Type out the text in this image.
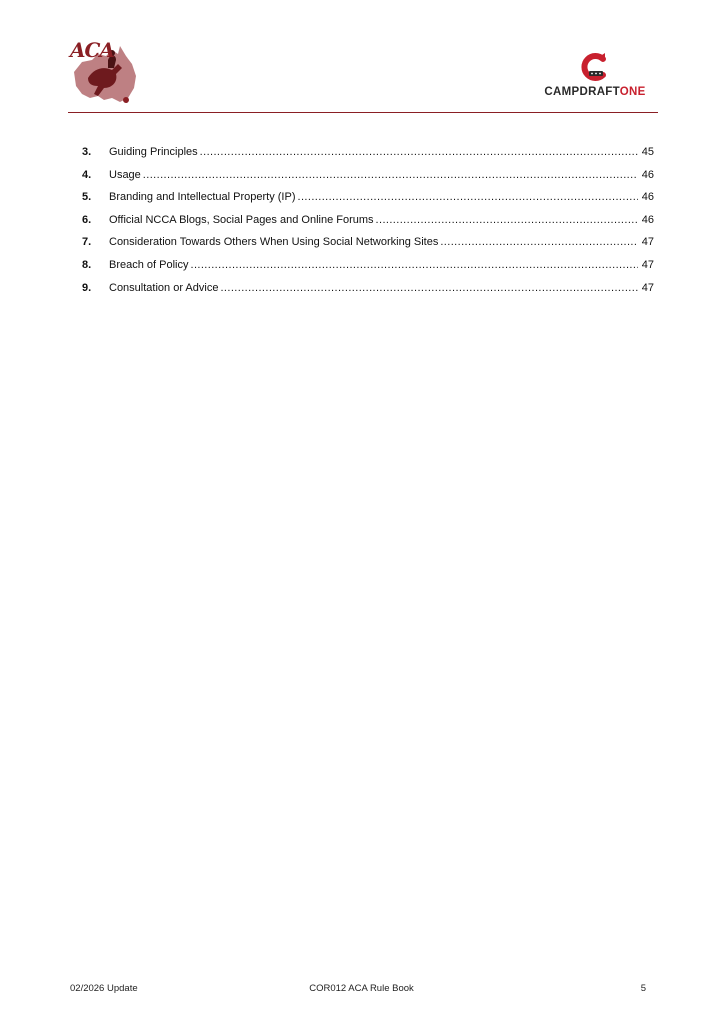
ACA
CAMPDRAFTONE
3.	Guiding Principles .....	45
4.	Usage .....	46
5.	Branding and Intellectual Property (IP) .....	46
6.	Official NCCA Blogs, Social Pages and Online Forums .....	46
7.	Consideration Towards Others When Using Social Networking Sites .....	47
8.	Breach of Policy .....	47
9.	Consultation or Advice .....	47
02/2026 Update	COR012 ACA Rule Book	5
